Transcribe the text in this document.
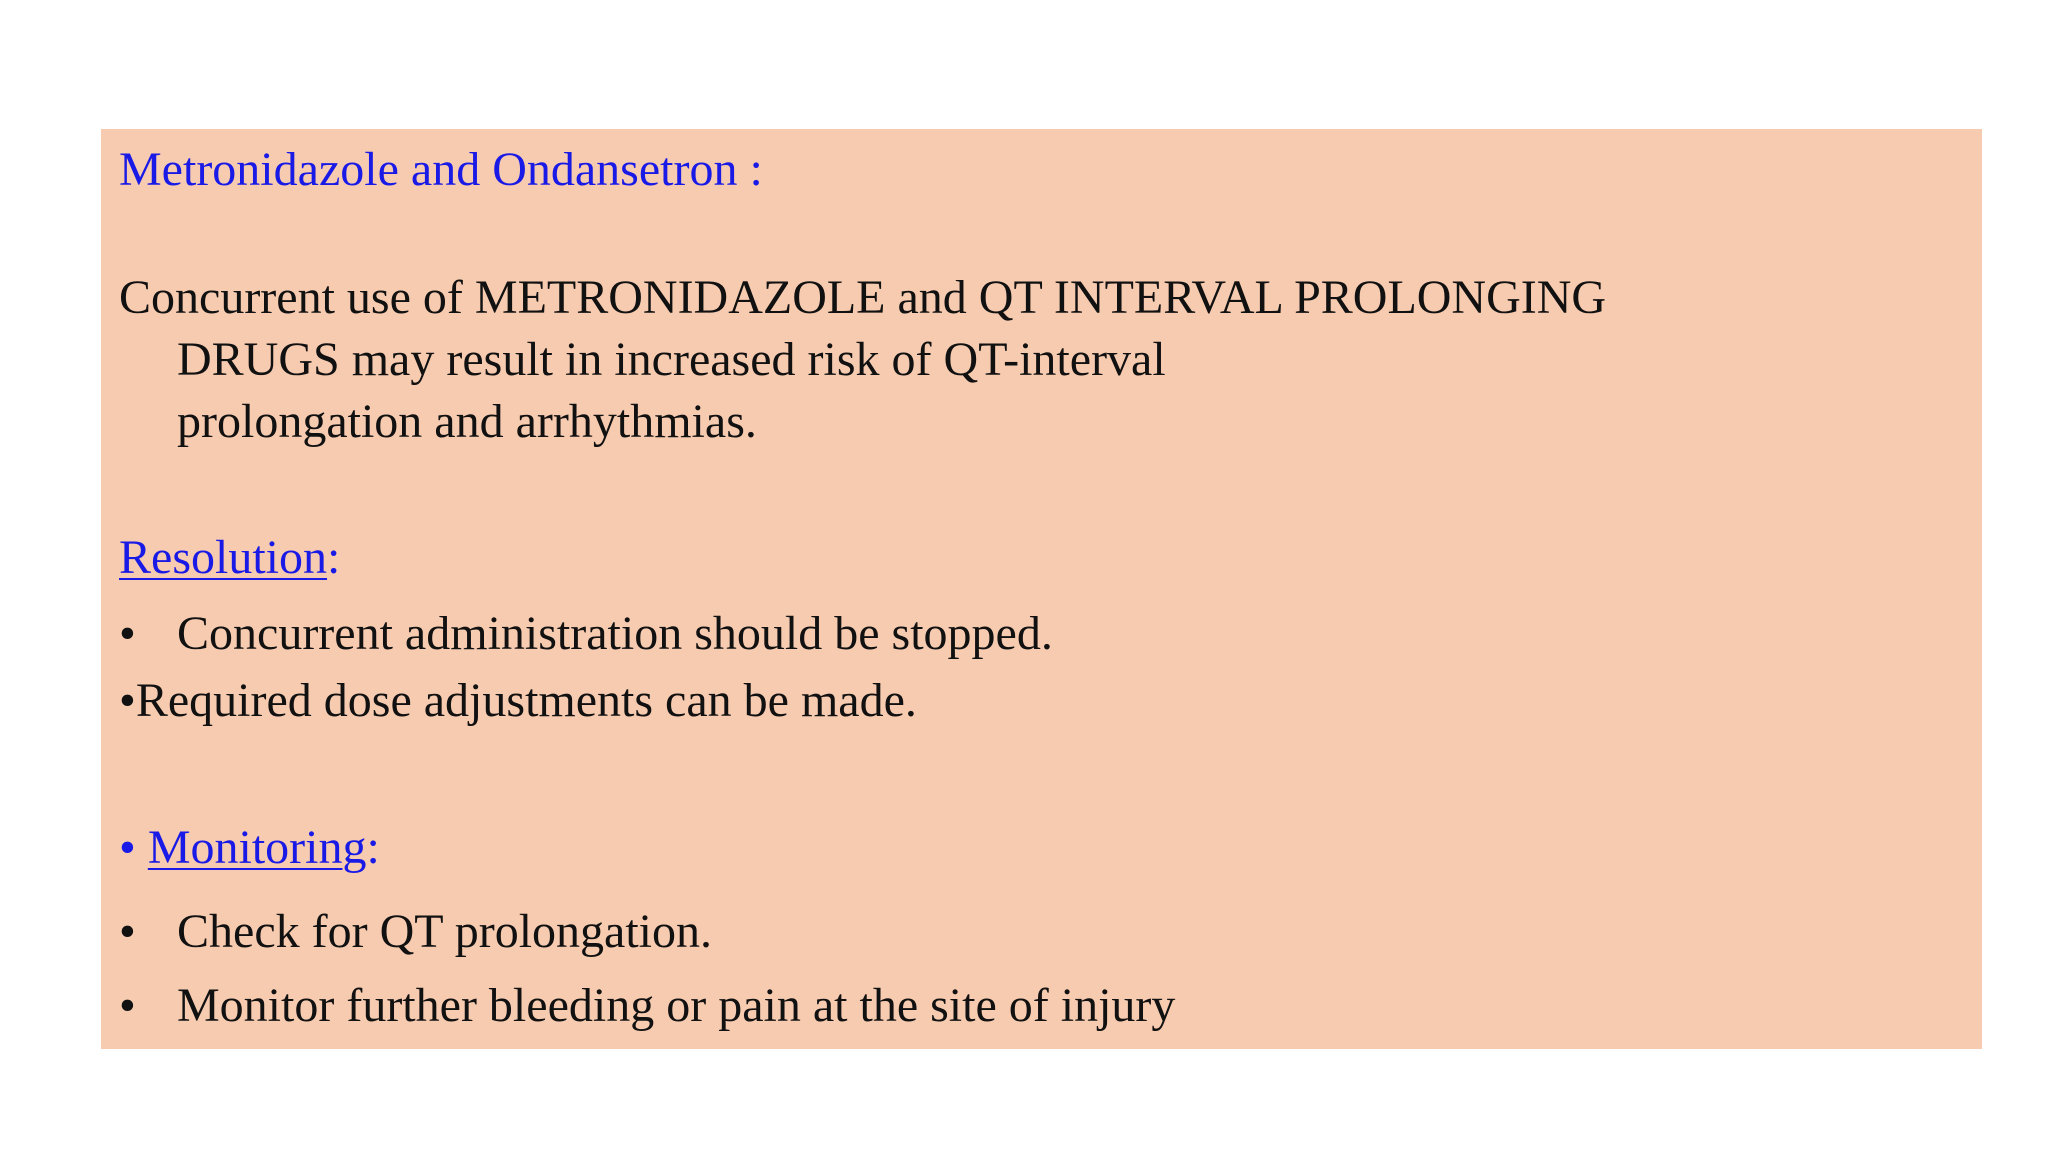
Metronidazole and Ondansetron :
Concurrent use of METRONIDAZOLE and QT INTERVAL PROLONGING
DRUGS may result in increased risk of QT-interval
prolongation and arrhythmias.
Resolution:
• Concurrent administration should be stopped.
•Required dose adjustments can be made.
• Monitoring:
• Check for QT prolongation.
• Monitor further bleeding or pain at the site of injury
